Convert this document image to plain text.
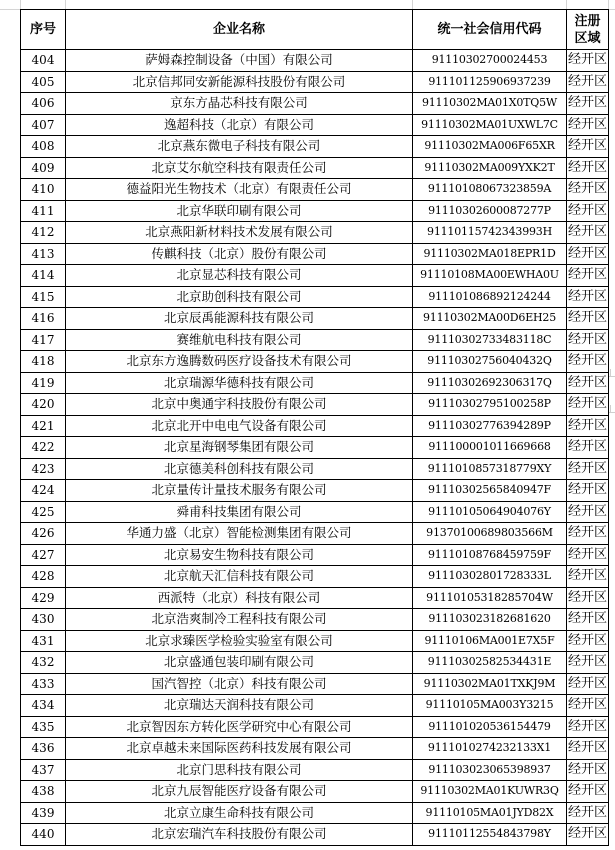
序号	企业名称	统一社会信用代码	注册区域
404	萨姆森控制设备（中国）有限公司	91110302700024453	经开区
405	北京信邦同安新能源科技股份有限公司	91110112590693723​9	经开区
406	京东方晶芯科技有限公司	91110302MA01X0TQ5W	经开区
407	逸超科技（北京）有限公司	91110302MA01UXWL7C	经开区
408	北京燕东微电子科技有限公司	91110302MA006F65XR	经开区
409	北京艾尔航空科技有限责任公司	91110302MA009YXK2T	经开区
410	德益阳光生物技术（北京）有限责任公司	91110108067323859A	经开区
411	北京华联印刷有限公司	91110302600087277P	经开区
412	北京燕阳新材料技术发展有限公司	91110115742343993H	经开区
413	传麒科技（北京）股份有限公司	91110302MA018EPR1D	经开区
414	北京显芯科技有限公司	91110108MA00EWHA0U	经开区
415	北京助创科技有限公司	91110108689212424​4	经开区
416	北京辰禹能源科技有限公司	91110302MA00D6EH25	经开区
417	赛维航电科技有限公司	91110302733483118C	经开区
418	北京东方逸腾数码医疗设备技术有限公司	91110302756040432Q	经开区
419	北京瑞源华德科技有限公司	91110302692306317Q	经开区
420	北京中奥通宇科技股份有限公司	91110302795100258P	经开区
421	北京北开中电电气设备有限公司	91110302776394289P	经开区
422	北京星海钢琴集团有限公司	91110000101166966​8	经开区
423	北京德美科创科技有限公司	91110108573187​79XY	经开区
424	北京量传计量技术服务有限公司	91110302565840947F	经开区
425	舜甫科技集团有限公司	91110105064904076Y	经开区
426	华通力盛（北京）智能检测集团有限公司	91370100689803566M	经开区
427	北京易安生物科技有限公司	91110108768459759F	经开区
428	北京航天汇信科技有限公司	91110302801728333L	经开区
429	西派特（北京）科技有限公司	91110105318285704W	经开区
430	北京浩爽制冷工程科技有限公司	91110302318268162​0	经开区
431	北京求臻医学检验实验室有限公司	91110106MA001E7X5F	经开区
432	北京盛通包装印刷有限公司	91110302582534431E	经开区
433	国汽智控（北京）科技有限公司	91110302MA01TXKJ9M	经开区
434	北京瑞达天润科技有限公司	91110105MA003Y3215	经开区
435	北京智因东方转化医学研究中心有限公司	91110102053615447​9	经开区
436	北京卓越未来国际医药科技发展有限公司	91110102742321​33X1	经开区
437	北京门思科技有限公司	91110302306539893​7	经开区
438	北京九辰智能医疗设备有限公司	91110302MA01KUWR3Q	经开区
439	北京立康生命科技有限公司	91110105MA01JYD82X	经开区
440	北京宏瑞汽车科技股份有限公司	91110112554843798Y	经开区
